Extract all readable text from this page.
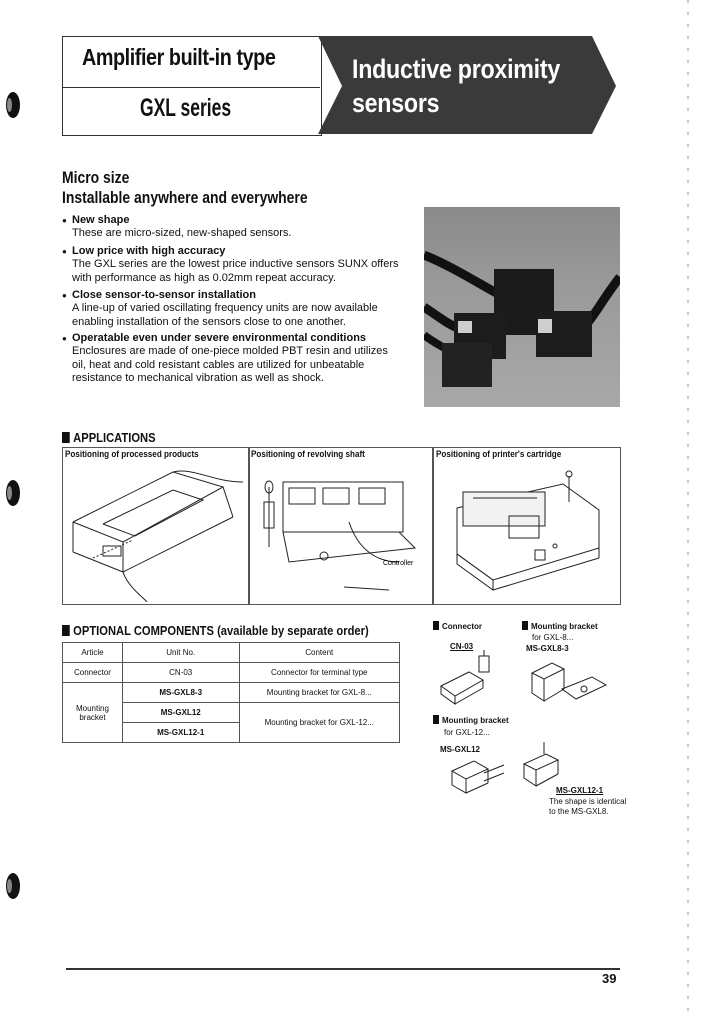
Amplifier built-in type
GXL series
Inductive proximity
sensors
Micro size
Installable anywhere and everywhere
● New shape
These are micro-sized, new-shaped sensors.
● Low price with high accuracy
The GXL series are the lowest price inductive sensors SUNX offers with performance as high as 0.02mm repeat accuracy.
● Close sensor-to-sensor installation
A line-up of varied oscillating frequency units are now available enabling installation of the sensors close to one another.
● Operatable even under severe environmental conditions
Enclosures are made of one-piece molded PBT resin and utilizes oil, heat and cold resistant cables are utilized for unbeatable resistance to mechanical vibration as well as shock.
APPLICATIONS
Positioning of processed products	Positioning of revolving shaft	Positioning of printer's cartridge
Controller
OPTIONAL COMPONENTS (available by separate order)
Article	Unit No.	Content
Connector	CN-03	Connector for terminal type
Mounting bracket	MS-GXL8-3	Mounting bracket for GXL-8...
	MS-GXL12	Mounting bracket for GXL-12...
	MS-GXL12-1	
Connector
CN-03
Mounting bracket
for GXL-8...
MS-GXL8-3
Mounting bracket
for GXL-12...
MS-GXL12
MS-GXL12-1
The shape is identical
to the MS-GXL8.
39
